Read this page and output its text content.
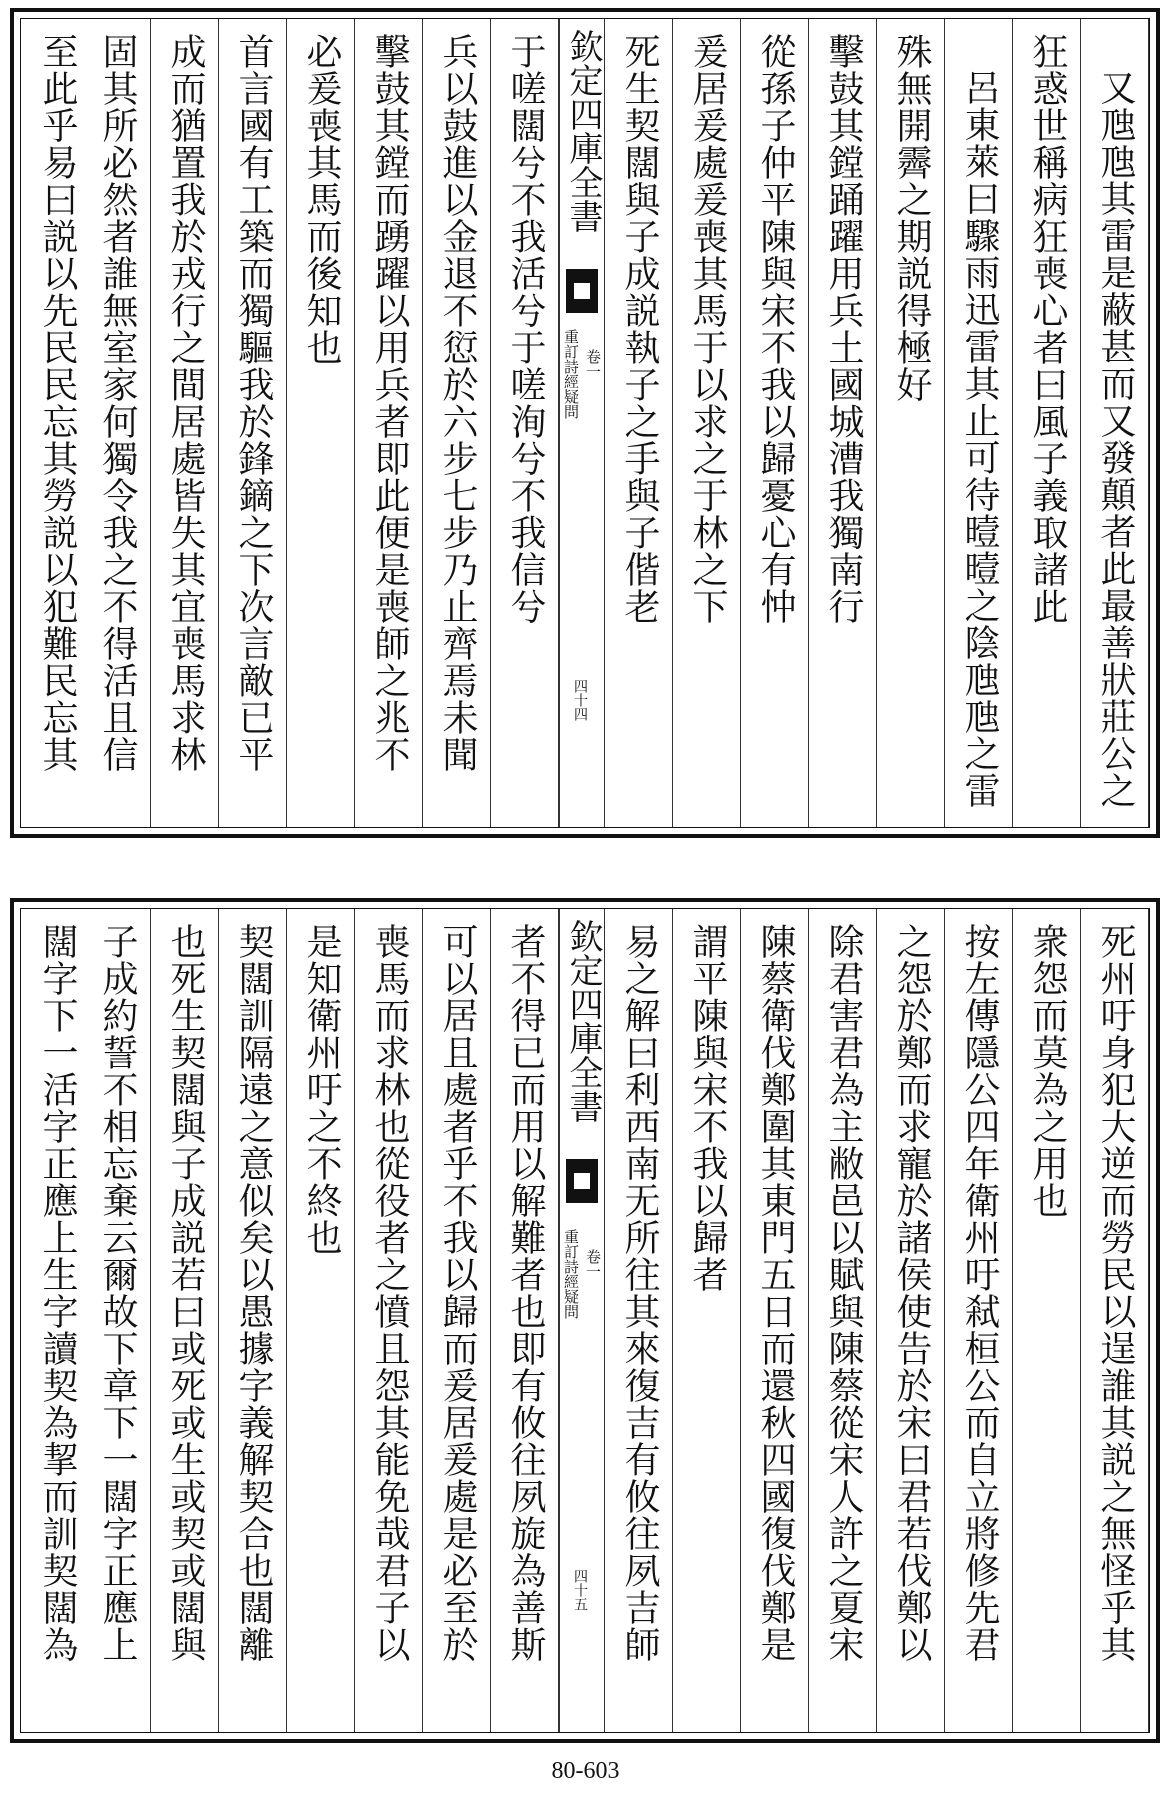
又虺虺其雷是蔽甚而又發顛者此最善狀莊公之
狂惑世稱病狂喪心者曰風子義取諸此
呂東萊曰驟雨迅雷其止可待曀曀之陰虺虺之雷
殊無開霽之期説得極好
擊鼓其鏜踊躍用兵土國城漕我獨南行
從孫子仲平陳與宋不我以歸憂心有忡
爰居爰處爰喪其馬于以求之于林之下
死生契闊與子成説執子之手與子偕老
欽定四庫全書
重訂詩經疑問 卷一
四十四
于嗟闊兮不我活兮于嗟洵兮不我信兮
兵以鼓進以金退不愆於六步七步乃止齊焉未聞
擊鼓其鏜而踴躍以用兵者即此便是喪師之兆不
必爰喪其馬而後知也
首言國有工築而獨驅我於鋒鏑之下次言敵已平
成而猶置我於戎行之間居處皆失其宜喪馬求林
固其所必然者誰無室家何獨令我之不得活且信
至此乎易曰説以先民民忘其勞説以犯難民忘其
死州吁身犯大逆而勞民以逞誰其説之無怪乎其
衆怨而莫為之用也
按左傳隱公四年衛州吁弒桓公而自立將修先君
之怨於鄭而求寵於諸侯使告於宋曰君若伐鄭以
除君害君為主敝邑以賦與陳蔡從宋人許之夏宋
陳蔡衛伐鄭圍其東門五日而還秋四國復伐鄭是
謂平陳與宋不我以歸者
易之解曰利西南无所往其來復吉有攸往夙吉師
欽定四庫全書
重訂詩經疑問 卷一
四十五
者不得已而用以解難者也即有攸往夙旋為善斯
可以居且處者乎不我以歸而爰居爰處是必至於
喪馬而求林也從役者之憤且怨其能免哉君子以
是知衛州吁之不終也
契闊訓隔遠之意似矣以愚據字義解契合也闊離
也死生契闊與子成説若曰或死或生或契或闊與
子成約誓不相忘棄云爾故下章下一闊字正應上
闊字下一活字正應上生字讀契為挈而訓契闊為
80-603
